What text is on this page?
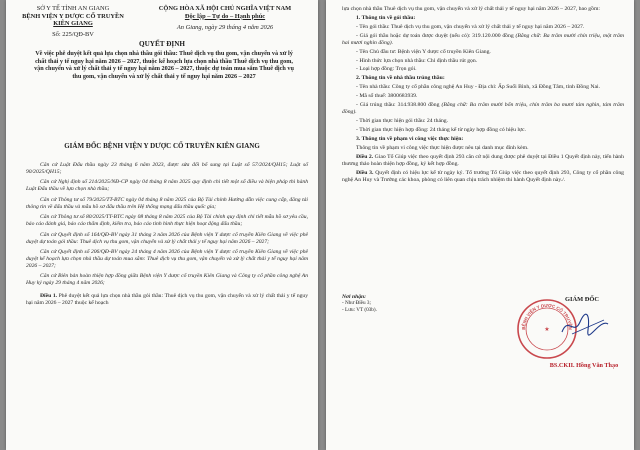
SỞ Y TẾ TỈNH AN GIANG
BỆNH VIỆN Y DƯỢC CỔ TRUYỀN
KIÊN GIANG
Số: 225/QĐ-BV
CỘNG HÒA XÃ HỘI CHỦ NGHĨA VIỆT NAM
Độc lập – Tự do – Hạnh phúc
An Giang, ngày 29 tháng 4 năm 2026
QUYẾT ĐỊNH
Về việc phê duyệt kết quả lựa chọn nhà thầu gói thầu: Thuê dịch vụ thu gom, vận chuyển và xử lý chất thải y tế nguy hại năm 2026 – 2027, thuộc kế hoạch lựa chọn nhà thầu Thuê dịch vụ thu gom, vận chuyển và xử lý chất thải y tế nguy hại năm 2026 – 2027, thuộc dự toán mua sắm Thuê dịch vụ thu gom, vận chuyển và xử lý chất thải y tế nguy hại năm 2026 – 2027
GIÁM ĐỐC BỆNH VIỆN Y DƯỢC CỔ TRUYỀN KIÊN GIANG

Căn cứ Luật Đấu thầu ngày 23 tháng 6 năm 2023, được sửa đổi bổ sung tại Luật số 57/2024/QH15; Luật số 90/2025/QH15;

Căn cứ Nghị định số 214/2025/NĐ-CP ngày 04 tháng 8 năm 2025 quy định chi tiết một số điều và biện pháp thi hành Luật Đấu thầu về lựa chọn nhà thầu;

Căn cứ Thông tư số 79/2025/TT-BTC ngày 04 tháng 8 năm 2025 của Bộ Tài chính Hướng dẫn việc cung cấp, đăng tải thông tin về đấu thầu và mẫu hồ sơ đấu thầu trên Hệ thống mạng đấu thầu quốc gia;

Căn cứ Thông tư số 80/2025/TT-BTC ngày 08 tháng 8 năm 2025 của Bộ Tài chính quy định chi tiết mẫu hồ sơ yêu cầu, báo cáo đánh giá, báo cáo thẩm định, kiểm tra, báo cáo tình hình thực hiện hoạt động đấu thầu;

Căn cứ Quyết định số 164/QĐ-BV ngày 31 tháng 3 năm 2026 của Bệnh viện Y dược cổ truyền Kiên Giang về việc phê duyệt dự toán gói thầu: Thuê dịch vụ thu gom, vận chuyển và xử lý chất thải y tế nguy hại năm 2026 – 2027;

Căn cứ Quyết định số 206/QĐ-BV ngày 24 tháng 4 năm 2026 của Bệnh viện Y dược cổ truyền Kiên Giang về việc phê duyệt kế hoạch lựa chọn nhà thầu dự toán mua sắm: Thuê dịch vụ thu gom, vận chuyển và xử lý chất thải y tế nguy hại năm 2026 – 2027;

Căn cứ Biên bản hoàn thiện hợp đồng giữa Bệnh viện Y dược cổ truyền Kiên Giang và Công ty cổ phần công nghệ An Huy ký ngày 29 tháng 4 năm 2026;

Điều 1. Phê duyệt kết quả lựa chọn nhà thầu gói thầu: Thuê dịch vụ thu gom, vận chuyển và xử lý chất thải y tế nguy hại năm 2026 – 2027 thuộc kế hoạch

lựa chọn nhà thầu Thuê dịch vụ thu gom, vận chuyển và xử lý chất thải y tế nguy hại năm 2026 – 2027, bao gồm:

1. Thông tin về gói thầu:

- Tên gói thầu: Thuê dịch vụ thu gom, vận chuyển và xử lý chất thải y tế nguy hại năm 2026 – 2027.

- Giá gói thầu hoặc dự toán được duyệt (nếu có): 319.120.000 đồng (Bằng chữ: Ba trăm mười chín triệu, một trăm hai mươi nghìn đồng).

- Tên Chủ đầu tư: Bệnh viện Y dược cổ truyền Kiên Giang.

- Hình thức lựa chọn nhà thầu: Chỉ định thầu rút gọn.

- Loại hợp đồng: Trọn gói.

2. Thông tin về nhà thầu trúng thầu:

- Tên nhà thầu: Công ty cổ phần công nghệ An Huy - Địa chỉ: Ấp Suối Bình, xã Đồng Tâm, tỉnh Đồng Nai.

- Mã số thuế: 3800683939.

- Giá trúng thầu: 314.938.800 đồng (Bằng chữ: Ba trăm mười bốn triệu, chín trăm ba mươi tám nghìn, tám trăm đồng).

- Thời gian thực hiện gói thầu: 24 tháng.

- Thời gian thực hiện hợp đồng: 24 tháng kể từ ngày hợp đồng có hiệu lực.

3. Thông tin về phạm vi công việc thực hiện:

Thông tin về phạm vi công việc thực hiện được nêu tại danh mục đính kèm.

Điều 2. Giao Tổ Giúp việc theo quyết định 293 căn cứ nội dung được phê duyệt tại Điều 1 Quyết định này, tiến hành thương thảo hoàn thiện hợp đồng, ký kết hợp đồng.

Điều 3. Quyết định có hiệu lực kể từ ngày ký. Tổ trưởng Tổ Giúp việc theo quyết định 293, Công ty cổ phần công nghệ An Huy và Trưởng các khoa, phòng có liên quan chịu trách nhiệm thi hành Quyết định này./.

Nơi nhận:
- Như Điều 3;
- Lưu: VT (03b).
BỆNH VIỆN Y DƯỢC CỔ TRUYỀN
★
GIÁM ĐỐC
BS.CKII. Hồng Văn Thạo
